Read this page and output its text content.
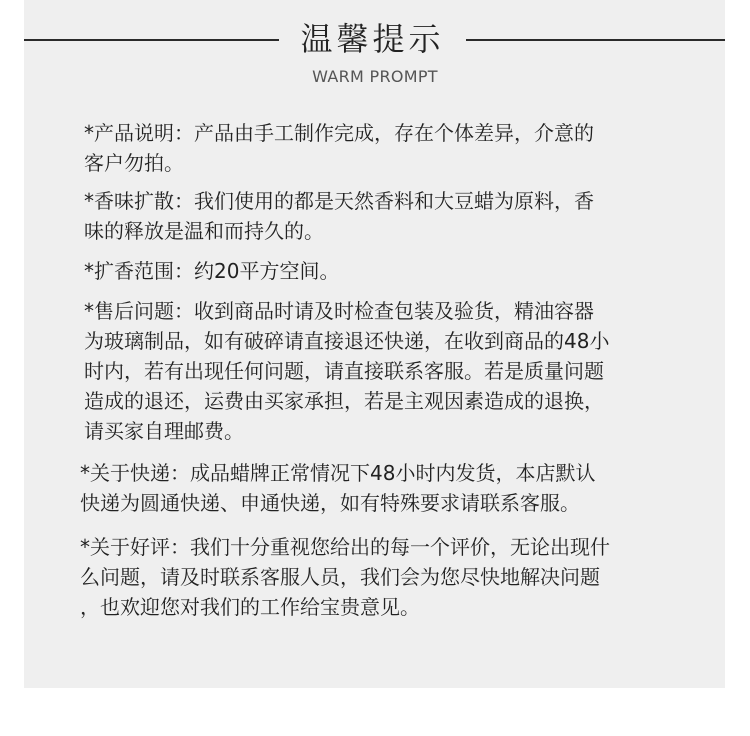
温馨提示
WARM PROMPT
*产品说明：产品由手工制作完成，存在个体差异，介意的
客户勿拍。
*香味扩散：我们使用的都是天然香料和大豆蜡为原料，香
味的释放是温和而持久的。
*扩香范围：约20平方空间。
*售后问题：收到商品时请及时检查包装及验货，精油容器
为玻璃制品，如有破碎请直接退还快递，在收到商品的48小
时内，若有出现任何问题，请直接联系客服。若是质量问题
造成的退还，运费由买家承担，若是主观因素造成的退换，
请买家自理邮费。
*关于快递：成品蜡牌正常情况下48小时内发货，本店默认
快递为圆通快递、申通快递，如有特殊要求请联系客服。
*关于好评：我们十分重视您给出的每一个评价，无论出现什
么问题，请及时联系客服人员，我们会为您尽快地解决问题
，也欢迎您对我们的工作给宝贵意见。
